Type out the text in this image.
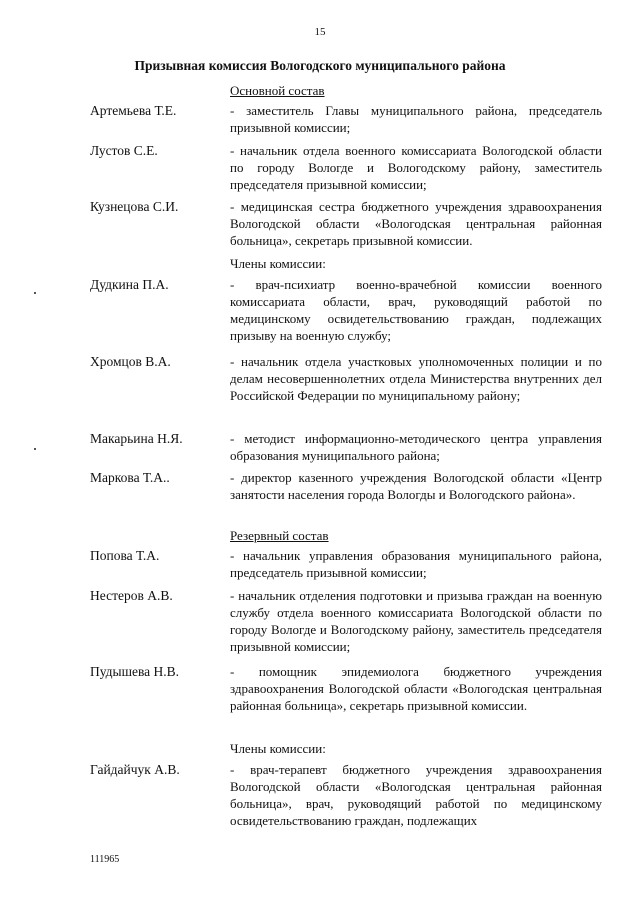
15
Призывная комиссия Вологодского муниципального района
Основной состав
Артемьева Т.Е.	- заместитель Главы муниципального района, председатель призывной комиссии;
Лустов С.Е.	- начальник отдела военного комиссариата Вологодской области по городу Вологде и Вологодскому району, заместитель председателя призывной комиссии;
Кузнецова С.И.	- медицинская сестра бюджетного учреждения здравоохранения Вологодской области «Вологодская центральная районная больница», секретарь призывной комиссии.
Члены комиссии:
Дудкина П.А.	- врач-психиатр военно-врачебной комиссии военного комиссариата области, врач, руководящий работой по медицинскому освидетельствованию граждан, подлежащих призыву на военную службу;
Хромцов В.А.	- начальник отдела участковых уполномоченных полиции и по делам несовершеннолетних отдела Министерства внутренних дел Российской Федерации по муниципальному району;
Макарьина Н.Я.	- методист информационно-методического центра управления образования муниципального района;
Маркова Т.А..	- директор казенного учреждения Вологодской области «Центр занятости населения города Вологды и Вологодского района».
Резервный состав
Попова Т.А.	- начальник управления образования муниципального района, председатель призывной комиссии;
Нестеров А.В.	- начальник отделения подготовки и призыва граждан на военную службу отдела военного комиссариата Вологодской области по городу Вологде и Вологодскому району, заместитель председателя призывной комиссии;
Пудышева Н.В.	- помощник эпидемиолога бюджетного учреждения здравоохранения Вологодской области «Вологодская центральная районная больница», секретарь призывной комиссии.
Члены комиссии:
Гайдайчук А.В.	- врач-терапевт бюджетного учреждения здравоохранения Вологодской области «Вологодская центральная районная больница», врач, руководящий работой по медицинскому освидетельствованию граждан, подлежащих
111965
